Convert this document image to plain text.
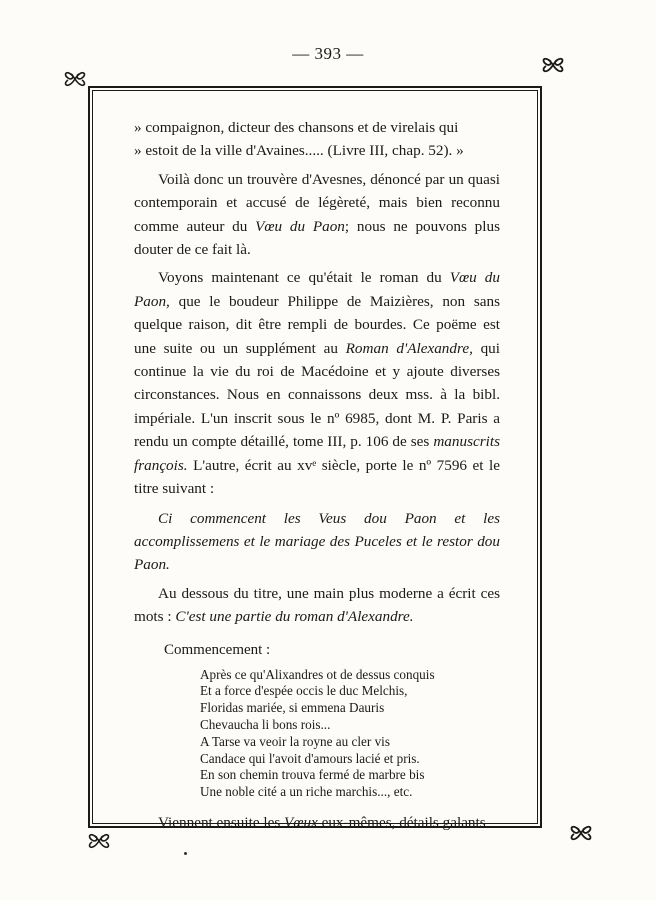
— 393 —

» compaignon, dicteur des chansons et de virelais qui
» estoit de la ville d'Avaines..... (Livre III, chap. 52). »

Voilà donc un trouvère d'Avesnes, dénoncé par un quasi contemporain et accusé de légèreté, mais bien reconnu comme auteur du Vœu du Paon; nous ne pouvons plus douter de ce fait là.

Voyons maintenant ce qu'était le roman du Vœu du Paon, que le boudeur Philippe de Maizières, non sans quelque raison, dit être rempli de bourdes. Ce poëme est une suite ou un supplément au Roman d'Alexandre, qui continue la vie du roi de Macédoine et y ajoute diverses circonstances. Nous en connaissons deux mss. à la bibl. impériale. L'un inscrit sous le nº 6985, dont M. P. Paris a rendu un compte détaillé, tome III, p. 106 de ses manuscrits françois. L'autre, écrit au xvᵉ siècle, porte le nº 7596 et le titre suivant :

Ci commencent les Veus dou Paon et les accomplissemens et le mariage des Puceles et le restor dou Paon.

Au dessous du titre, une main plus moderne a écrit ces mots : C'est une partie du roman d'Alexandre.

Commencement :
Après ce qu'Alixandres ot de dessus conquis
Et a force d'espée occis le duc Melchis,
Floridas mariée, si emmena Dauris
Chevaucha li bons rois...
A Tarse va veoir la royne au cler vis
Candace qui l'avoit d'amours lacié et pris.
En son chemin trouva fermé de marbre bis
Une noble cité a un riche marchis..., etc.

Viennent ensuite les Vœux eux-mêmes, détails galants
